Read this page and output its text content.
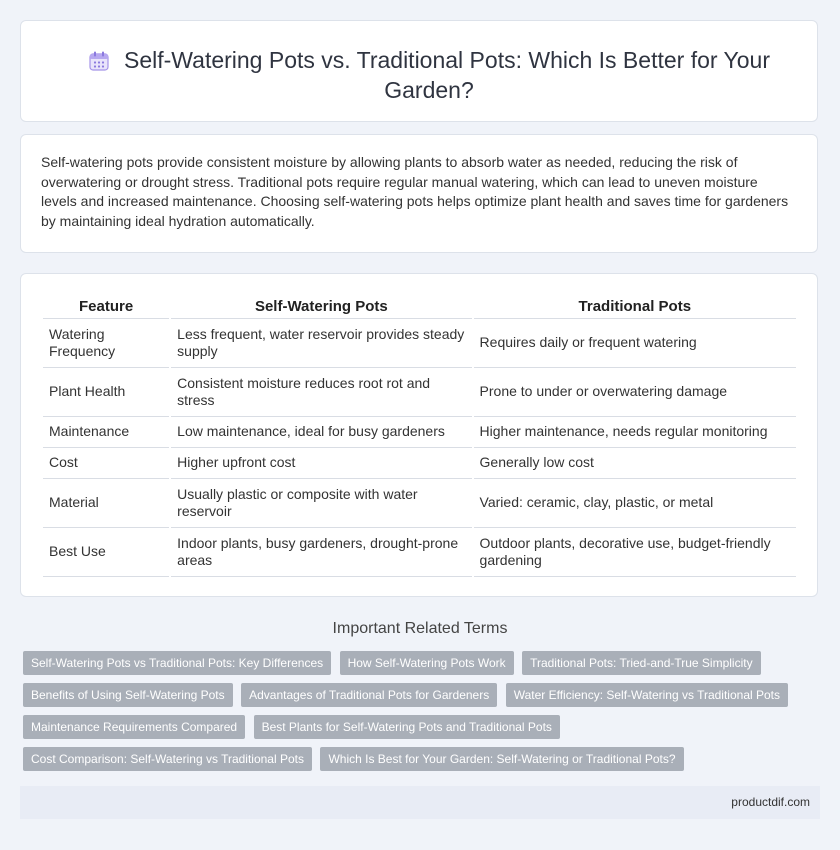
Self-Watering Pots vs. Traditional Pots: Which Is Better for Your Garden?

Self-watering pots provide consistent moisture by allowing plants to absorb water as needed, reducing the risk of overwatering or drought stress. Traditional pots require regular manual watering, which can lead to uneven moisture levels and increased maintenance. Choosing self-watering pots helps optimize plant health and saves time for gardeners by maintaining ideal hydration automatically.

Feature	Self-Watering Pots	Traditional Pots
Watering Frequency	Less frequent, water reservoir provides steady supply	Requires daily or frequent watering
Plant Health	Consistent moisture reduces root rot and stress	Prone to under or overwatering damage
Maintenance	Low maintenance, ideal for busy gardeners	Higher maintenance, needs regular monitoring
Cost	Higher upfront cost	Generally low cost
Material	Usually plastic or composite with water reservoir	Varied: ceramic, clay, plastic, or metal
Best Use	Indoor plants, busy gardeners, drought-prone areas	Outdoor plants, decorative use, budget-friendly gardening
Important Related Terms
Self-Watering Pots vs Traditional Pots: Key Differences How Self-Watering Pots Work Traditional Pots: Tried-and-True Simplicity Benefits of Using Self-Watering Pots Advantages of Traditional Pots for Gardeners Water Efficiency: Self-Watering vs Traditional Pots Maintenance Requirements Compared Best Plants for Self-Watering Pots and Traditional Pots Cost Comparison: Self-Watering vs Traditional Pots Which Is Best for Your Garden: Self-Watering or Traditional Pots?
productdif.com
